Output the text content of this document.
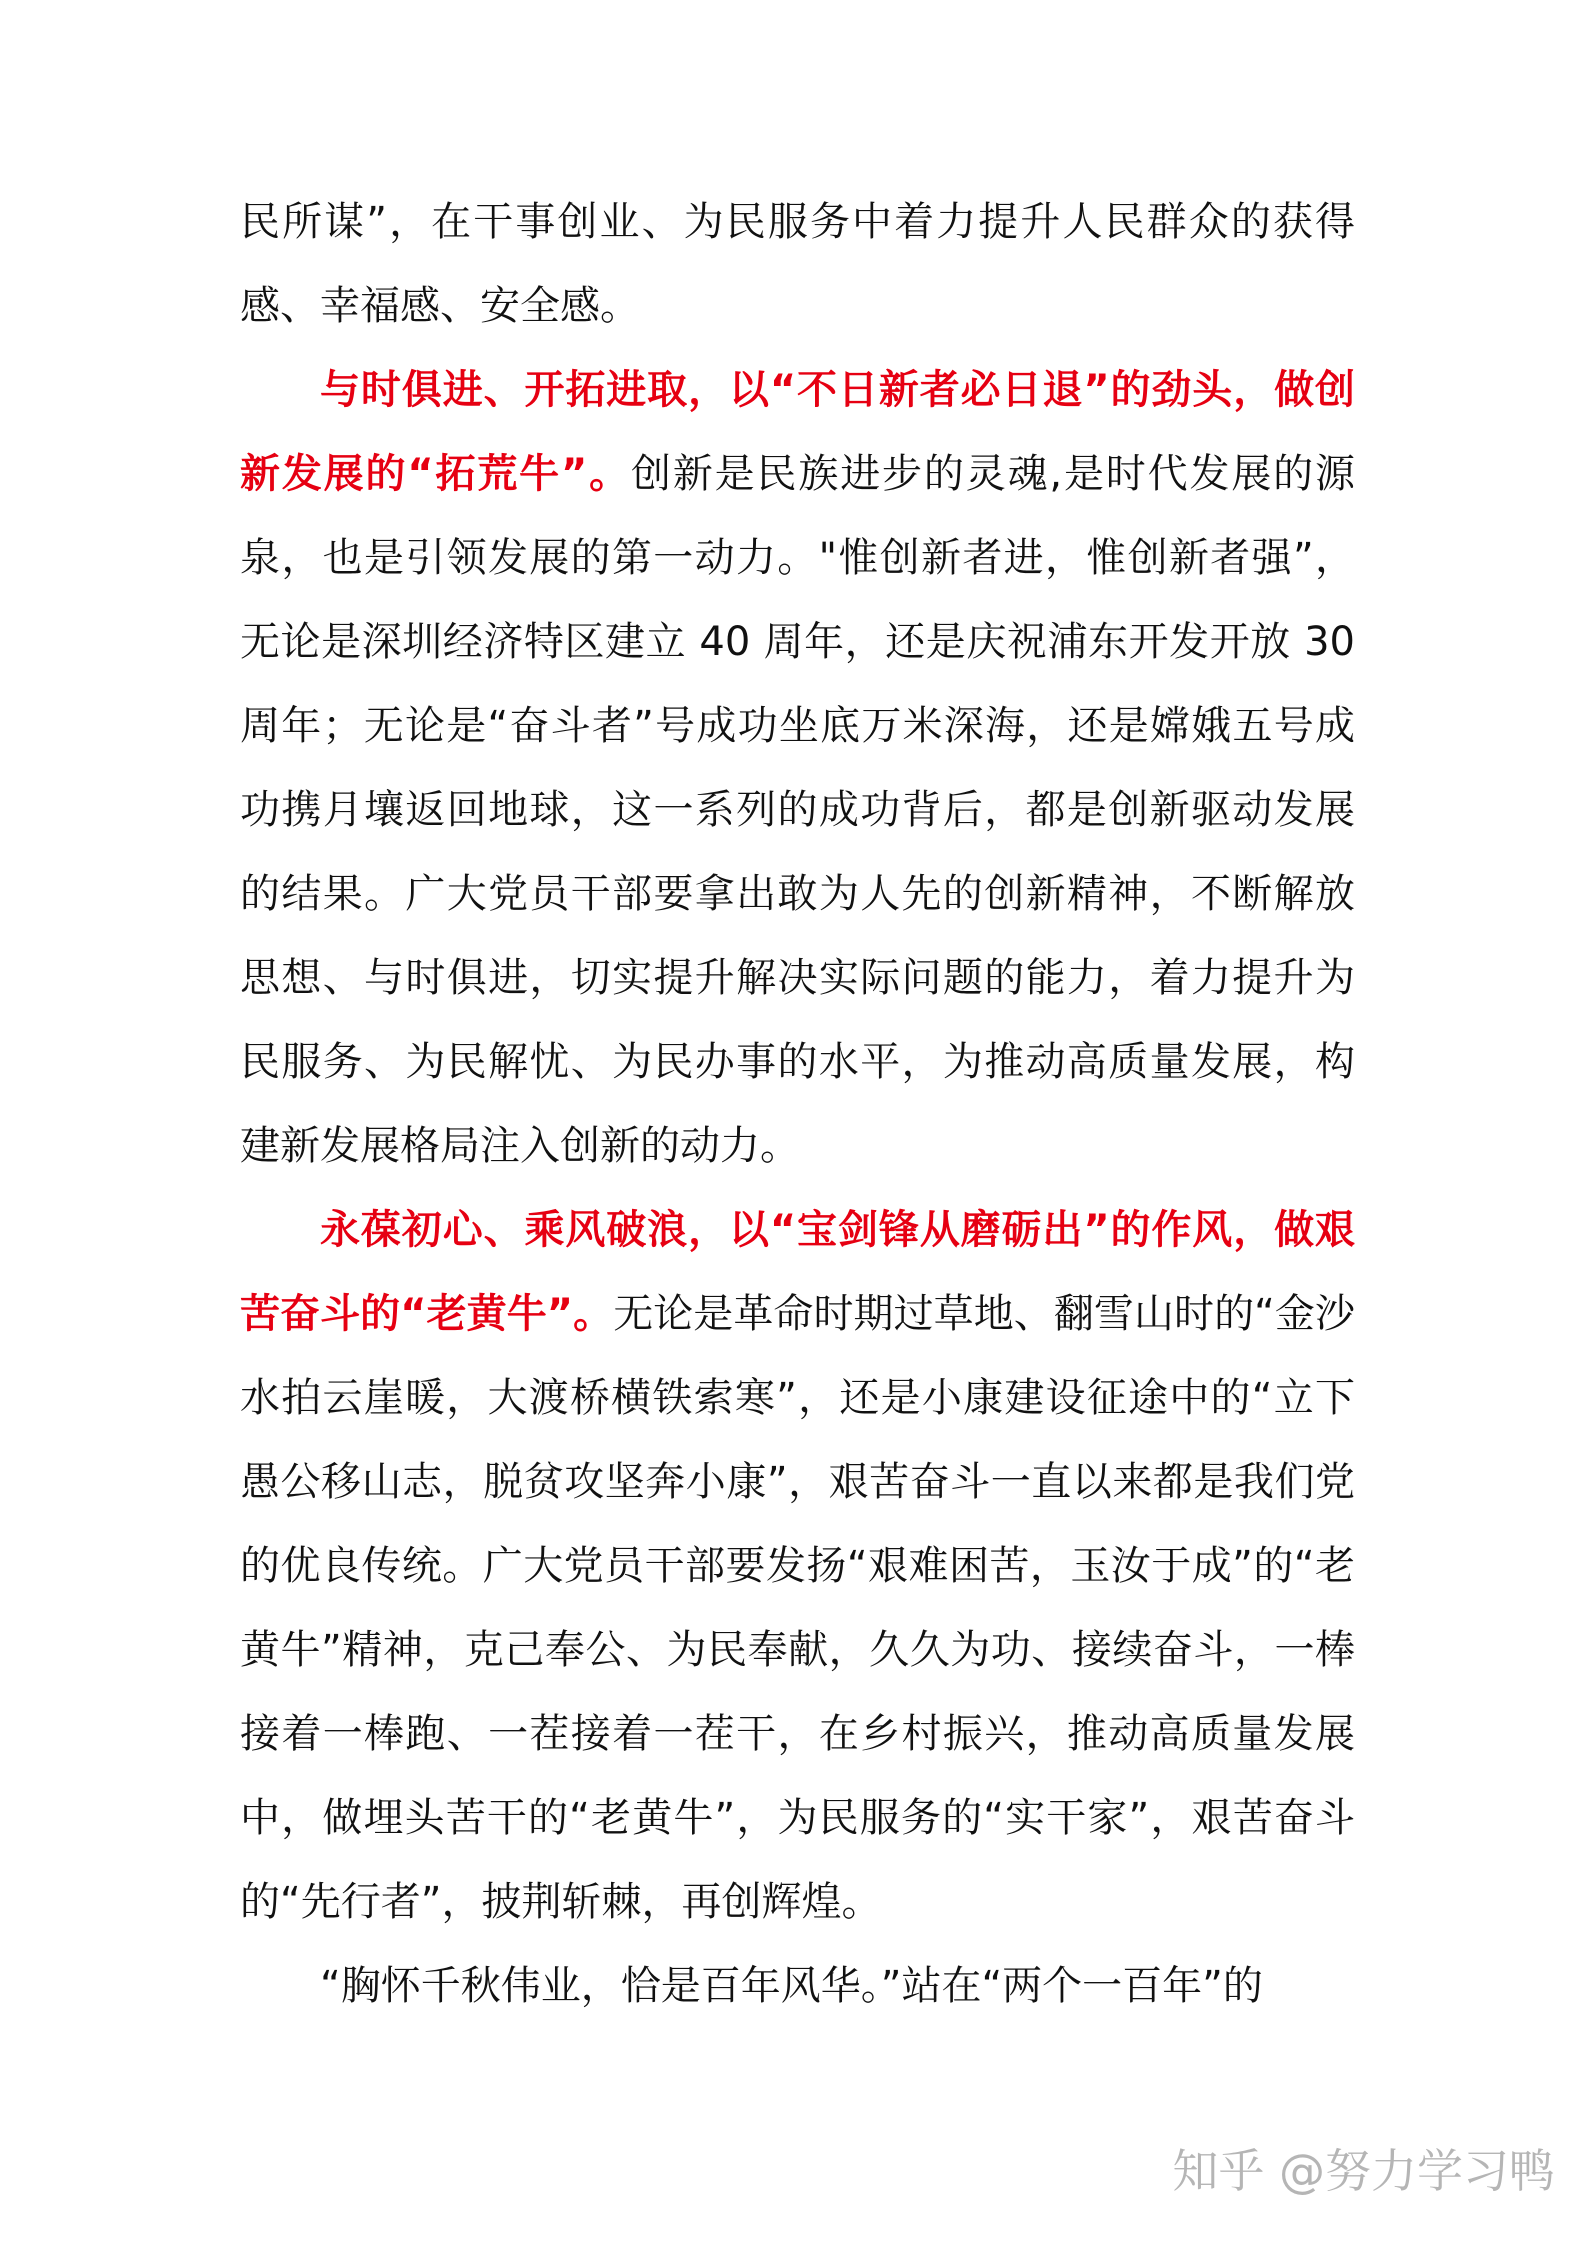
民所谋”，在干事创业、为民服务中着力提升人民群众的获得感、幸福感、安全感。

与时俱进、开拓进取，以“不日新者必日退”的劲头，做创新发展的“拓荒牛”。创新是民族进步的灵魂,是时代发展的源泉，也是引领发展的第一动力。"惟创新者进，惟创新者强”，无论是深圳经济特区建立 40 周年，还是庆祝浦东开发开放 30 周年；无论是“奋斗者”号成功坐底万米深海，还是嫦娥五号成功携月壤返回地球，这一系列的成功背后，都是创新驱动发展的结果。广大党员干部要拿出敢为人先的创新精神，不断解放思想、与时俱进，切实提升解决实际问题的能力，着力提升为民服务、为民解忧、为民办事的水平，为推动高质量发展，构建新发展格局注入创新的动力。

永葆初心、乘风破浪，以“宝剑锋从磨砺出”的作风，做艰苦奋斗的“老黄牛”。无论是革命时期过草地、翻雪山时的“金沙水拍云崖暖，大渡桥横铁索寒”，还是小康建设征途中的“立下愚公移山志，脱贫攻坚奔小康”，艰苦奋斗一直以来都是我们党的优良传统。广大党员干部要发扬“艰难困苦，玉汝于成”的“老黄牛”精神，克己奉公、为民奉献，久久为功、接续奋斗，一棒接着一棒跑、一茬接着一茬干，在乡村振兴，推动高质量发展中，做埋头苦干的“老黄牛”，为民服务的“实干家”，艰苦奋斗的“先行者”，披荆斩棘，再创辉煌。

“胸怀千秋伟业，恰是百年风华。”站在“两个一百年”的

知乎 @努力学习鸭
